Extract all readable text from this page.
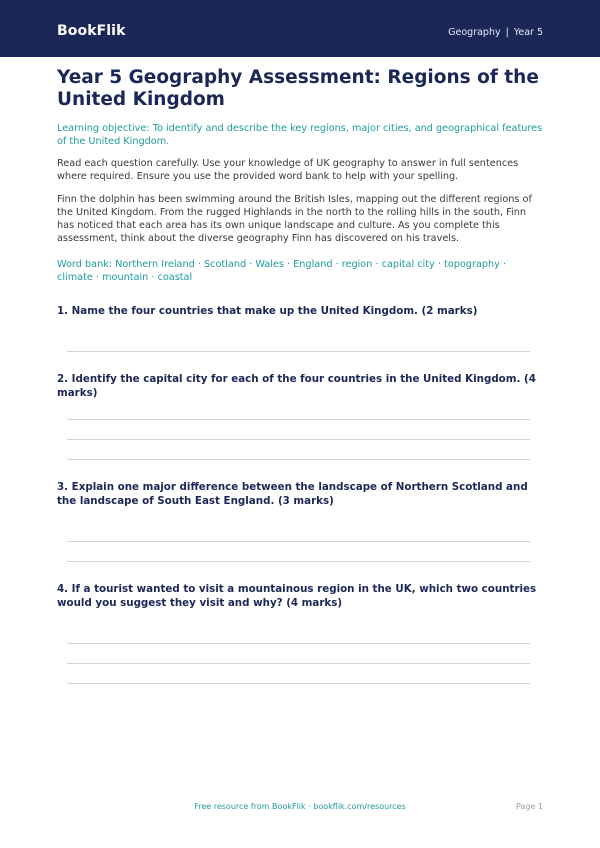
BookFlik	Geography | Year 5
Year 5 Geography Assessment: Regions of the United Kingdom

Learning objective: To identify and describe the key regions, major cities, and geographical features of the United Kingdom.

Read each question carefully. Use your knowledge of UK geography to answer in full sentences where required. Ensure you use the provided word bank to help with your spelling.

Finn the dolphin has been swimming around the British Isles, mapping out the different regions of the United Kingdom. From the rugged Highlands in the north to the rolling hills in the south, Finn has noticed that each area has its own unique landscape and culture. As you complete this assessment, think about the diverse geography Finn has discovered on his travels.

Word bank: Northern Ireland · Scotland · Wales · England · region · capital city · topography · climate · mountain · coastal

1. Name the four countries that make up the United Kingdom. (2 marks)

2. Identify the capital city for each of the four countries in the United Kingdom. (4 marks)

3. Explain one major difference between the landscape of Northern Scotland and the landscape of South East England. (3 marks)

4. If a tourist wanted to visit a mountainous region in the UK, which two countries would you suggest they visit and why? (4 marks)

Free resource from BookFlik · bookflik.com/resources	Page 1
